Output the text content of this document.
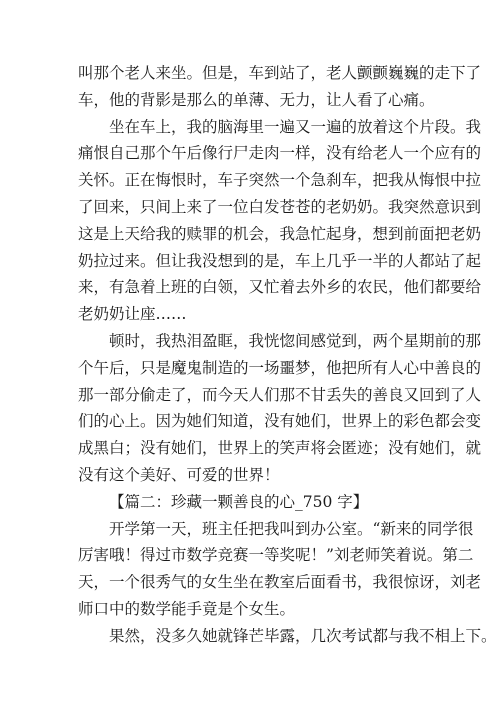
叫那个老人来坐。但是，车到站了，老人颤颤巍巍的走下了
车，他的背影是那么的单薄、无力，让人看了心痛。
坐在车上，我的脑海里一遍又一遍的放着这个片段。我
痛恨自己那个午后像行尸走肉一样，没有给老人一个应有的
关怀。正在悔恨时，车子突然一个急刹车，把我从悔恨中拉
了回来，只间上来了一位白发苍苍的老奶奶。我突然意识到
这是上天给我的赎罪的机会，我急忙起身，想到前面把老奶
奶拉过来。但让我没想到的是，车上几乎一半的人都站了起
来，有急着上班的白领，又忙着去外乡的农民，他们都要给
老奶奶让座……
顿时，我热泪盈眶，我恍惚间感觉到，两个星期前的那
个午后，只是魔鬼制造的一场噩梦，他把所有人心中善良的
那一部分偷走了，而今天人们那不甘丢失的善良又回到了人
们的心上。因为她们知道，没有她们，世界上的彩色都会变
成黑白；没有她们，世界上的笑声将会匿迹；没有她们，就
没有这个美好、可爱的世界！
【篇二：珍藏一颗善良的心_750 字】
开学第一天，班主任把我叫到办公室。“新来的同学很
厉害哦！得过市数学竞赛一等奖呢！”刘老师笑着说。第二
天，一个很秀气的女生坐在教室后面看书，我很惊讶，刘老
师口中的数学能手竟是个女生。
果然，没多久她就锋芒毕露，几次考试都与我不相上下。
